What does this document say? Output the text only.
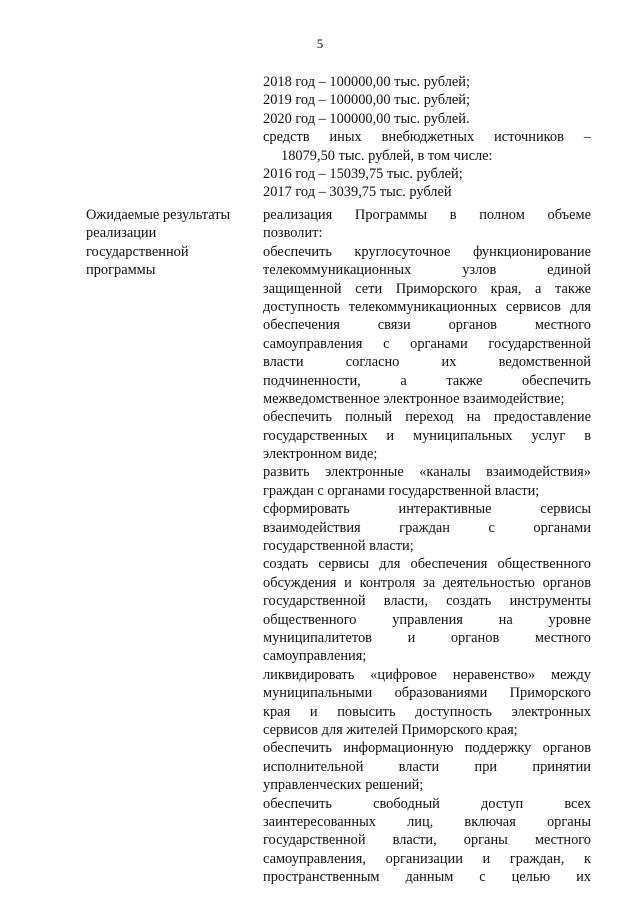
5
2018 год – 100000,00 тыс. рублей;
2019 год – 100000,00 тыс. рублей;
2020 год – 100000,00 тыс. рублей.
средств иных внебюджетных источников –
18079,50 тыс. рублей, в том числе:
2016 год – 15039,75 тыс. рублей;
2017 год – 3039,75 тыс. рублей
Ожидаемые результаты
реализации
государственной
программы
реализация Программы в полном объеме
позволит:
обеспечить круглосуточное функционирование
телекоммуникационных узлов единой
защищенной сети Приморского края, а также
доступность телекоммуникационных сервисов для
обеспечения связи органов местного
самоуправления с органами государственной
власти согласно их ведомственной
подчиненности, а также обеспечить
межведомственное электронное взаимодействие;
обеспечить полный переход на предоставление
государственных и муниципальных услуг в
электронном виде;
развить электронные «каналы взаимодействия»
граждан с органами государственной власти;
сформировать интерактивные сервисы
взаимодействия граждан с органами
государственной власти;
создать сервисы для обеспечения общественного
обсуждения и контроля за деятельностью органов
государственной власти, создать инструменты
общественного управления на уровне
муниципалитетов и органов местного
самоуправления;
ликвидировать «цифровое неравенство» между
муниципальными образованиями Приморского
края и повысить доступность электронных
сервисов для жителей Приморского края;
обеспечить информационную поддержку органов
исполнительной власти при принятии
управленческих решений;
обеспечить свободный доступ всех
заинтересованных лиц, включая органы
государственной власти, органы местного
самоуправления, организации и граждан, к
пространственным данным с целью их
